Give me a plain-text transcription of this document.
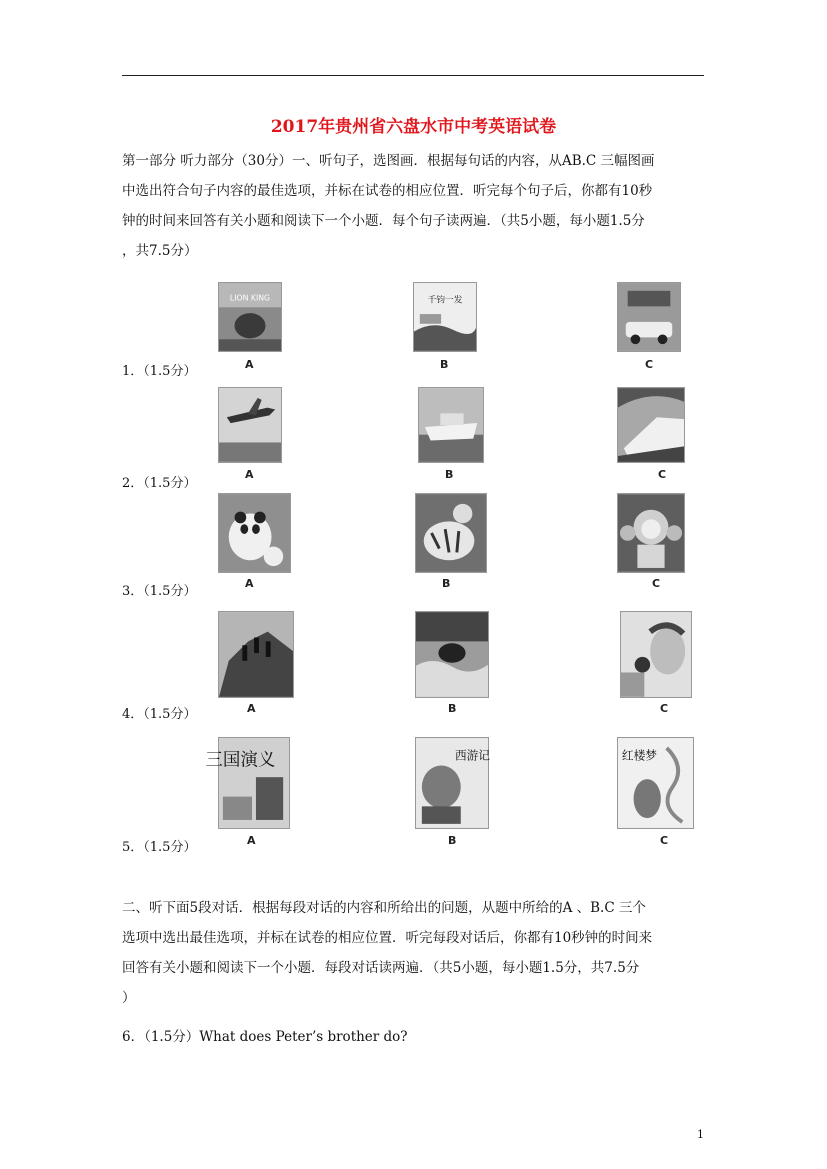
2017年贵州省六盘水市中考英语试卷

第一部分 听力部分（30分）一、听句子，选图画．根据每句话的内容，从AB.C 三幅图画

中选出符合句子内容的最佳选项，并标在试卷的相应位置．听完每个句子后，你都有10秒

钟的时间来回答有关小题和阅读下一个小题．每个句子读两遍．（共5小题，每小题1.5分

，共7.5分）

LION KING
A
千钧一发
B	C
1．（1.5分）
A	B	C
2．（1.5分）
A	B	C
3．（1.5分）
A	B	C
4．（1.5分）
三国演义
A
西游记
B
红楼梦
C
5．（1.5分）

二、听下面5段对话．根据每段对话的内容和所给出的问题，从题中所给的A 、B.C 三个

选项中选出最佳选项，并标在试卷的相应位置．听完每段对话后，你都有10秒钟的时间来

回答有关小题和阅读下一个小题．每段对话读两遍．（共5小题，每小题1.5分，共7.5分

）

6．（1.5分）What does Peter’s brother do?
1
